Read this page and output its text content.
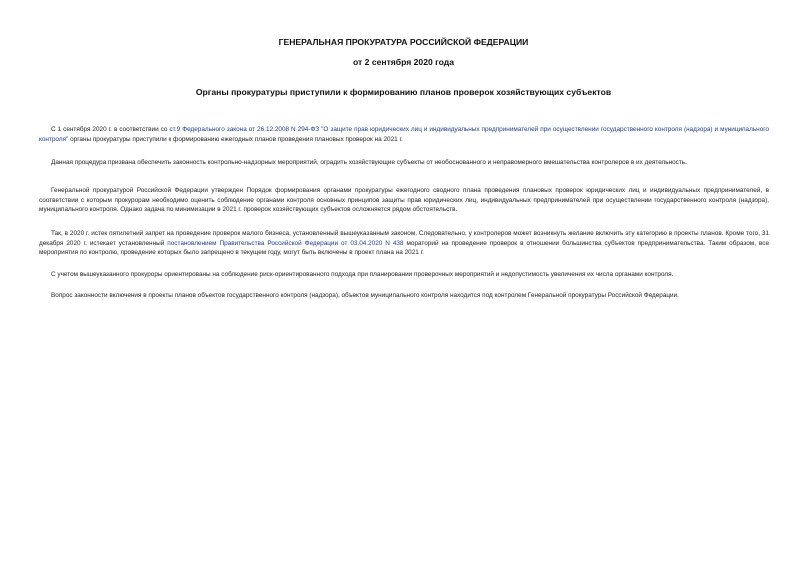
ГЕНЕРАЛЬНАЯ ПРОКУРАТУРА РОССИЙСКОЙ ФЕДЕРАЦИИ
от 2 сентября 2020 года
Органы прокуратуры приступили к формированию планов проверок хозяйствующих субъектов
С 1 сентября 2020 г. в соответствии со ст.9 Федерального закона от 26.12.2008 N 294-ФЗ "О защите прав юридических лиц и индивидуальных предпринимателей при осуществлении государственного контроля (надзора) и муниципального контроля" органы прокуратуры приступили к формированию ежегодных планов проведения плановых проверок на 2021 г.
Данная процедура призвана обеспечить законность контрольно-надзорных мероприятий, оградить хозяйствующие субъекты от необоснованного и неправомерного вмешательства контролеров в их деятельность.
Генеральной прокуратурой Российской Федерации утвержден Порядок формирования органами прокуратуры ежегодного сводного плана проведения плановых проверок юридических лиц и индивидуальных предпринимателей, в соответствии с которым прокурорам необходимо оценить соблюдение органами контроля основных принципов защиты прав юридических лиц, индивидуальных предпринимателей при осуществлении государственного контроля (надзора), муниципального контроля. Однако задача по минимизации в 2021 г. проверок хозяйствующих субъектов осложняется рядом обстоятельств.
Так, в 2020 г. истек пятилетний запрет на проведение проверок малого бизнеса, установленный вышеуказанным законом. Следовательно, у контролеров может возникнуть желание включить эту категорию в проекты планов. Кроме того, 31 декабря 2020 г. истекает установленный постановлением Правительства Российской Федерации от 03.04.2020 N 438 мораторий на проведение проверок в отношении большинства субъектов предпринимательства. Таким образом, все мероприятия по контролю, проведение которых было запрещено в текущем году, могут быть включены в проект плана на 2021 г.
С учетом вышеуказанного прокуроры ориентированы на соблюдение риск-ориентированного подхода при планировании проверочных мероприятий и недопустимость увеличения их числа органами контроля.
Вопрос законности включения в проекты планов объектов государственного контроля (надзора), объектов муниципального контроля находится под контролем Генеральной прокуратуры Российской Федерации.
